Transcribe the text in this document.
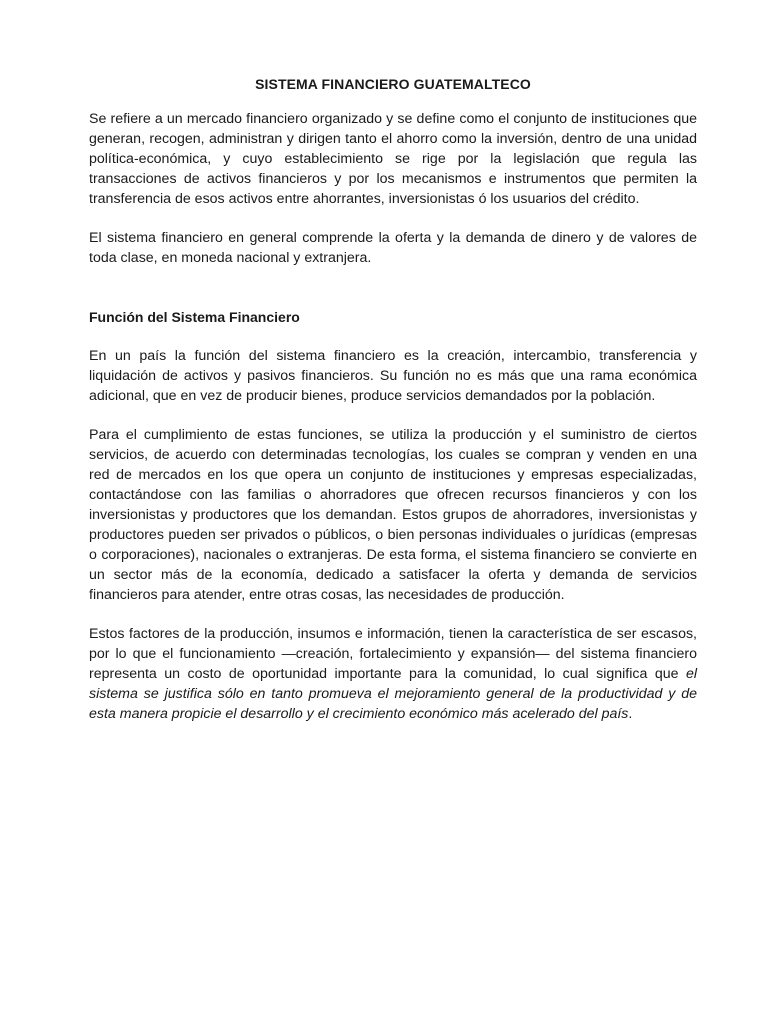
SISTEMA FINANCIERO GUATEMALTECO

Se refiere a un mercado financiero organizado y se define como el conjunto de instituciones que generan, recogen, administran y dirigen tanto el ahorro como la inversión, dentro de una unidad política-económica, y cuyo establecimiento se rige por la legislación que regula las transacciones de activos financieros y por los mecanismos e instrumentos que permiten la transferencia de esos activos entre ahorrantes, inversionistas ó los usuarios del crédito.

El sistema financiero en general comprende la oferta y la demanda de dinero y de valores de toda clase, en moneda nacional y extranjera.

Función del Sistema Financiero

En un país la función del sistema financiero es la creación, intercambio, transferencia y liquidación de activos y pasivos financieros. Su función no es más que una rama económica adicional, que en vez de producir bienes, produce servicios demandados por la población.

Para el cumplimiento de estas funciones, se utiliza la producción y el suministro de ciertos servicios, de acuerdo con determinadas tecnologías, los cuales se compran y venden en una red de mercados en los que opera un conjunto de instituciones y empresas especializadas, contactándose con las familias o ahorradores que ofrecen recursos financieros y con los inversionistas y productores que los demandan. Estos grupos de ahorradores, inversionistas y productores pueden ser privados o públicos, o bien personas individuales o jurídicas (empresas o corporaciones), nacionales o extranjeras. De esta forma, el sistema financiero se convierte en un sector más de la economía, dedicado a satisfacer la oferta y demanda de servicios financieros para atender, entre otras cosas, las necesidades de producción.

Estos factores de la producción, insumos e información, tienen la característica de ser escasos, por lo que el funcionamiento —creación, fortalecimiento y expansión— del sistema financiero representa un costo de oportunidad importante para la comunidad, lo cual significa que el sistema se justifica sólo en tanto promueva el mejoramiento general de la productividad y de esta manera propicie el desarrollo y el crecimiento económico más acelerado del país.
